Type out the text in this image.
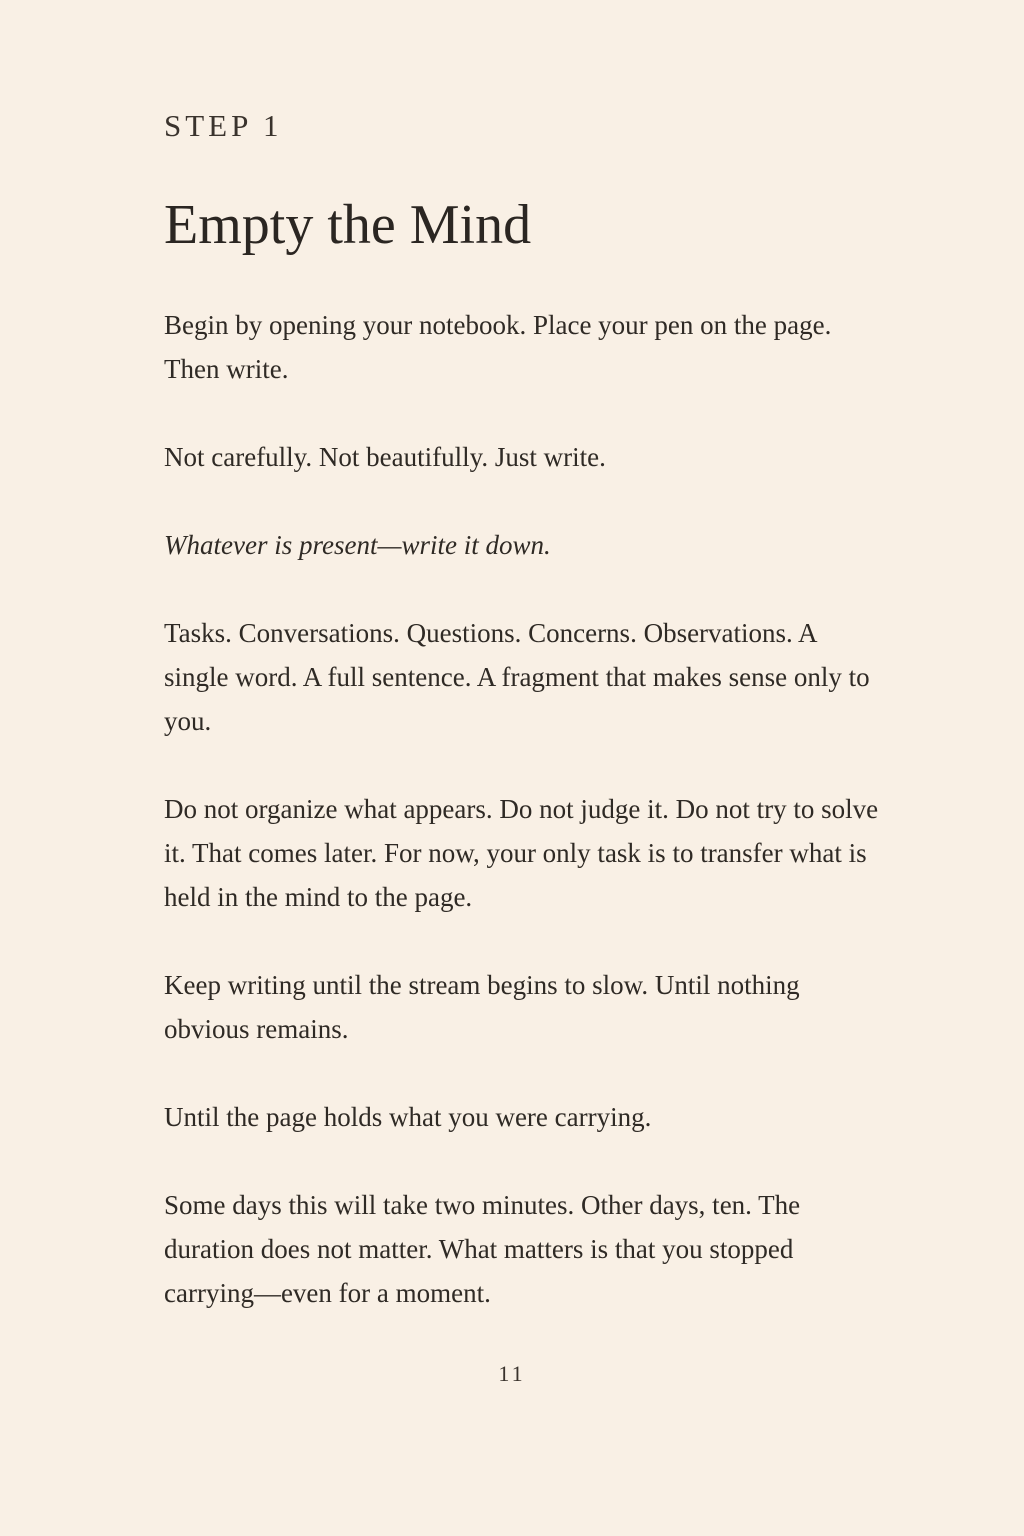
STEP 1
Empty the Mind

Begin by opening your notebook. Place your pen on the page. Then write.

Not carefully. Not beautifully. Just write.

Whatever is present—write it down.

Tasks. Conversations. Questions. Concerns. Observations. A single word. A full sentence. A fragment that makes sense only to you.

Do not organize what appears. Do not judge it. Do not try to solve it. That comes later. For now, your only task is to transfer what is held in the mind to the page.

Keep writing until the stream begins to slow. Until nothing obvious remains.

Until the page holds what you were carrying.

Some days this will take two minutes. Other days, ten. The duration does not matter. What matters is that you stopped carrying—even for a moment.

11
